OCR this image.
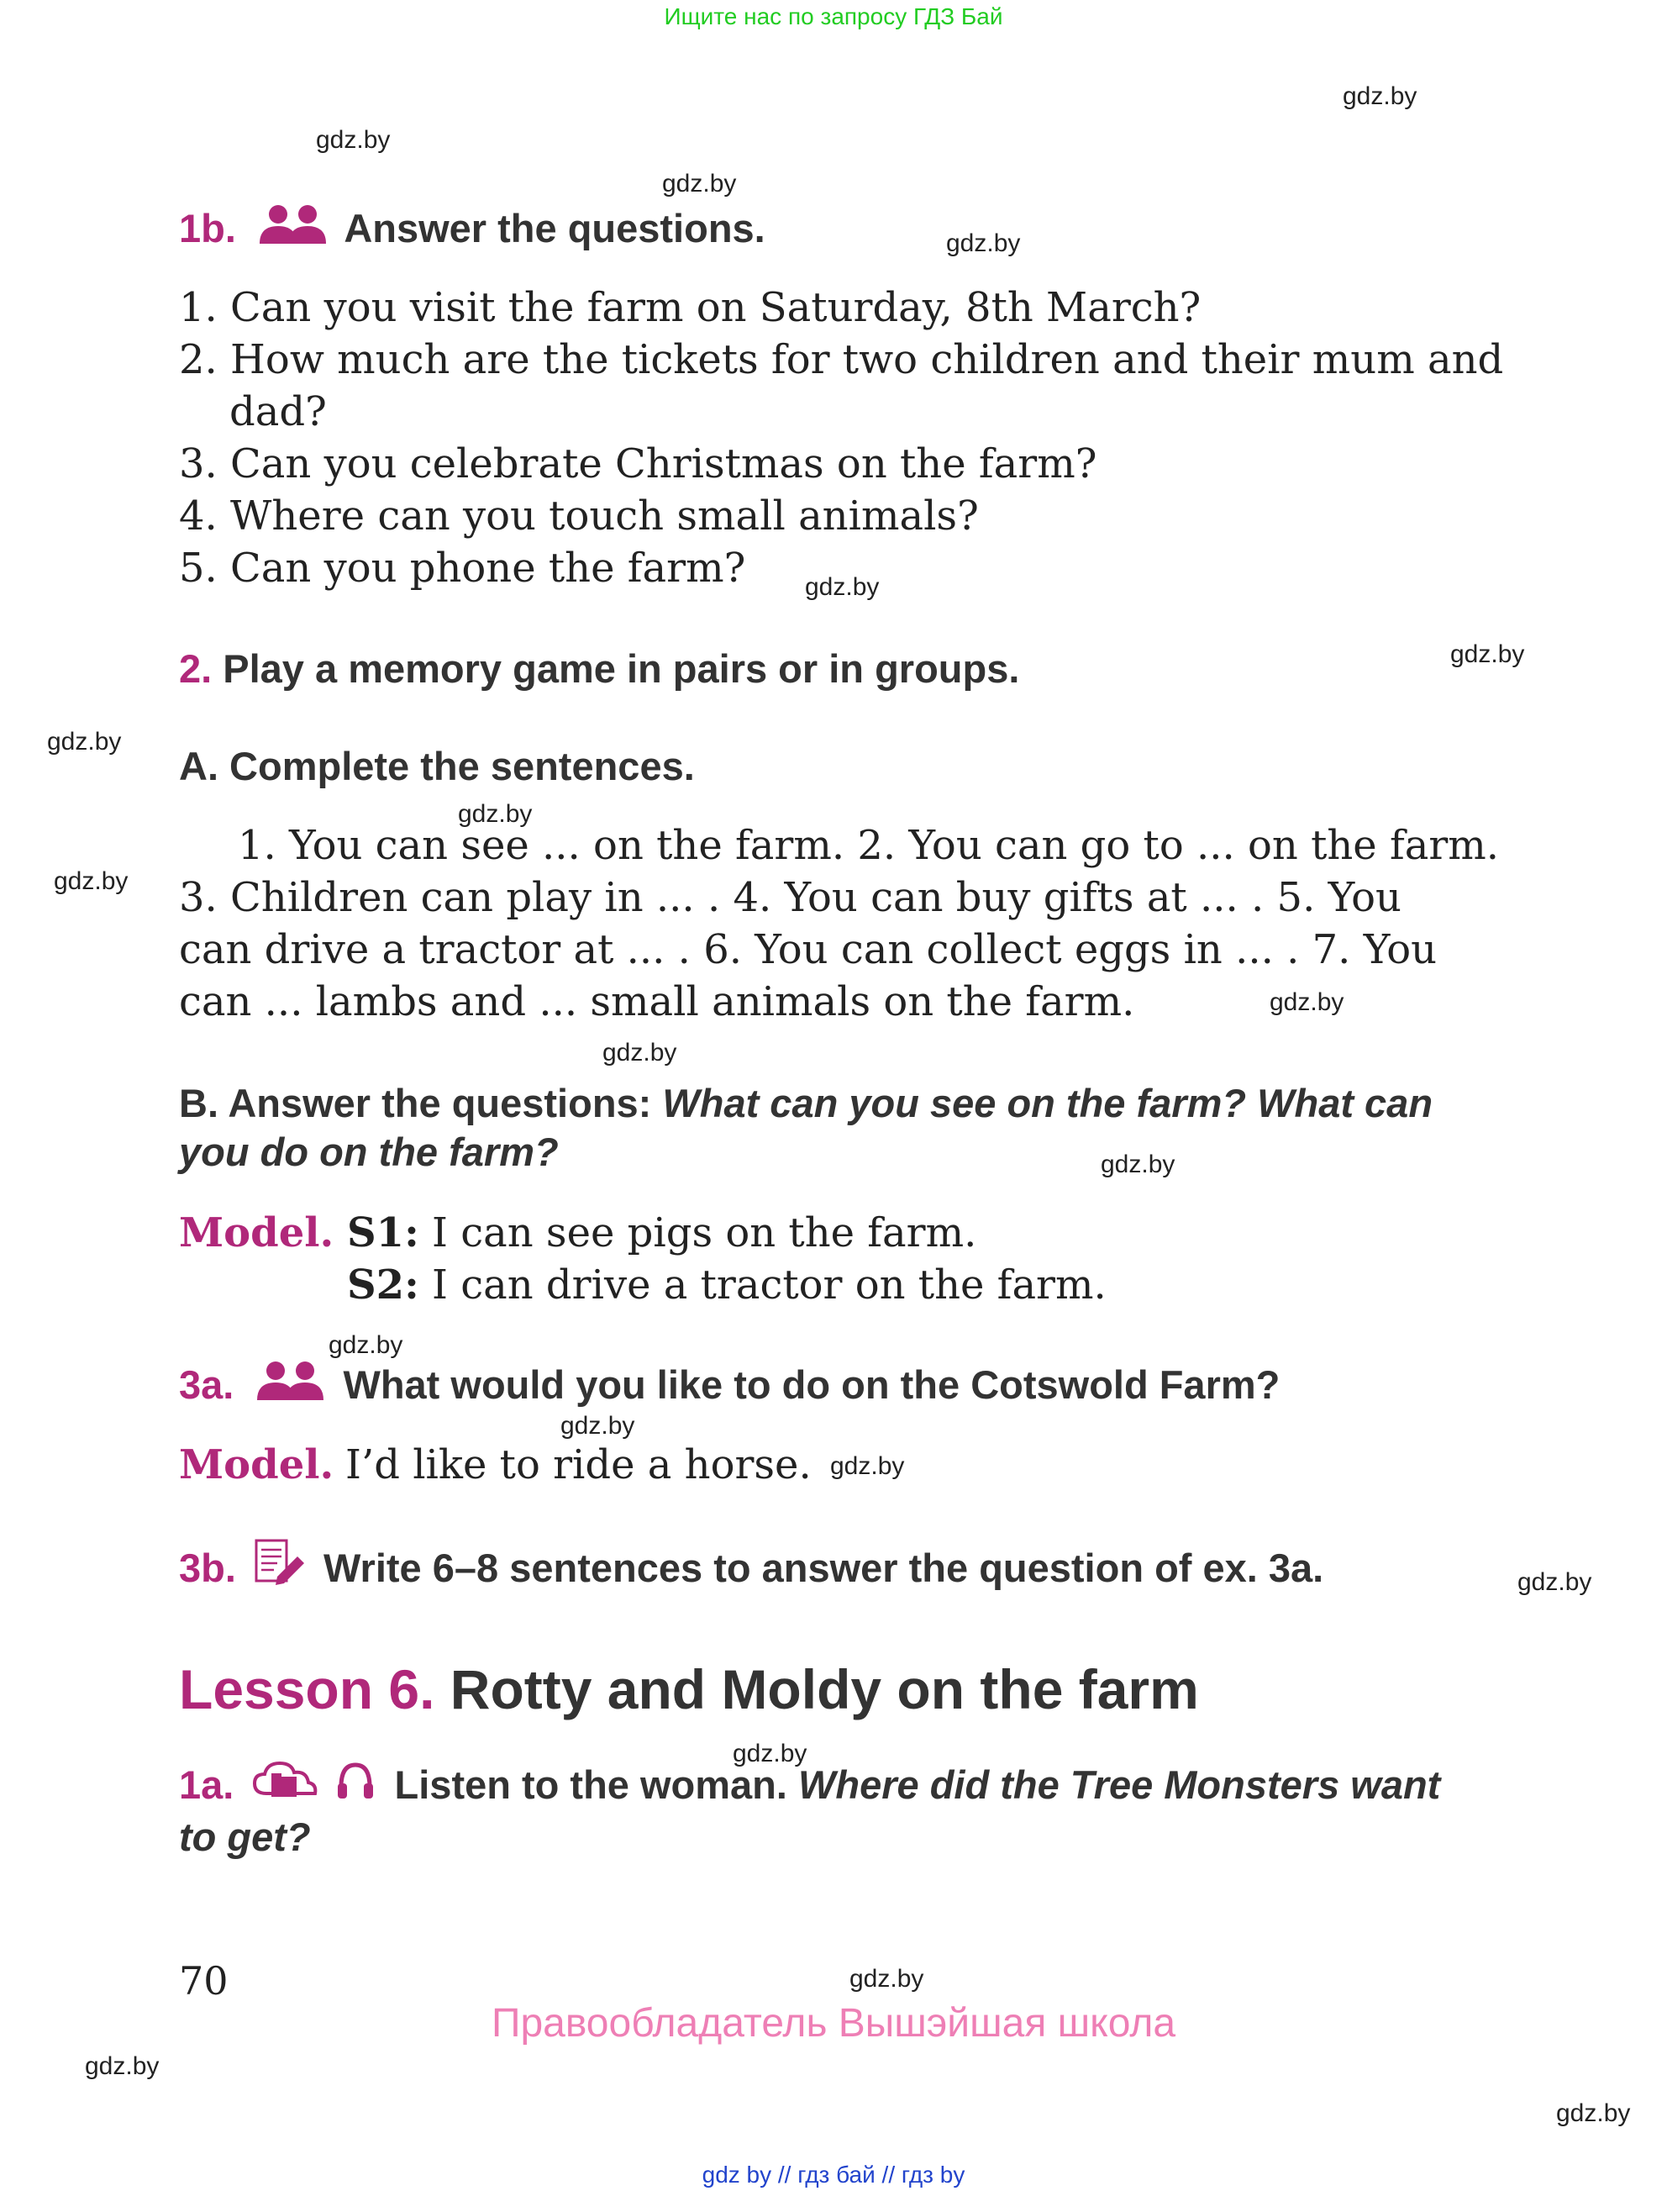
Ищите нас по запросу ГДЗ Бай
gdz.by
gdz.by
gdz.by
gdz.by
gdz.by
gdz.by
gdz.by
gdz.by
gdz.by
gdz.by
gdz.by
gdz.by
gdz.by
gdz.by
gdz.by
gdz.by
gdz.by
gdz.by
gdz.by
gdz.by
1b.	Answer the questions.
1. Can you visit the farm on Saturday, 8th March?
2. How much are the tickets for two children and their mum and
dad?
3. Can you celebrate Christmas on the farm?
4. Where can you touch small animals?
5. Can you phone the farm?
2. Play a memory game in pairs or in groups.
A. Complete the sentences.
1. You can see ... on the farm. 2. You can go to ... on the farm.
3. Children can play in ... . 4. You can buy gifts at ... . 5. You
can drive a tractor at ... . 6. You can collect eggs in ... . 7. You
can ... lambs and ... small animals on the farm.
B. Answer the questions: What can you see on the farm? What can
you do on the farm?
Model. S1: I can see pigs on the farm.
S2: I can drive a tractor on the farm.
3a.	What would you like to do on the Cotswold Farm?
Model. I’d like to ride a horse.
3b. Write 6–8 sentences to answer the question of ex. 3a.
Lesson 6. Rotty and Moldy on the farm
1a.	Listen to the woman. Where did the Tree Monsters want
to get?
70
Правообладатель Вышэйшая школа
gdz by // гдз бай // гдз by
